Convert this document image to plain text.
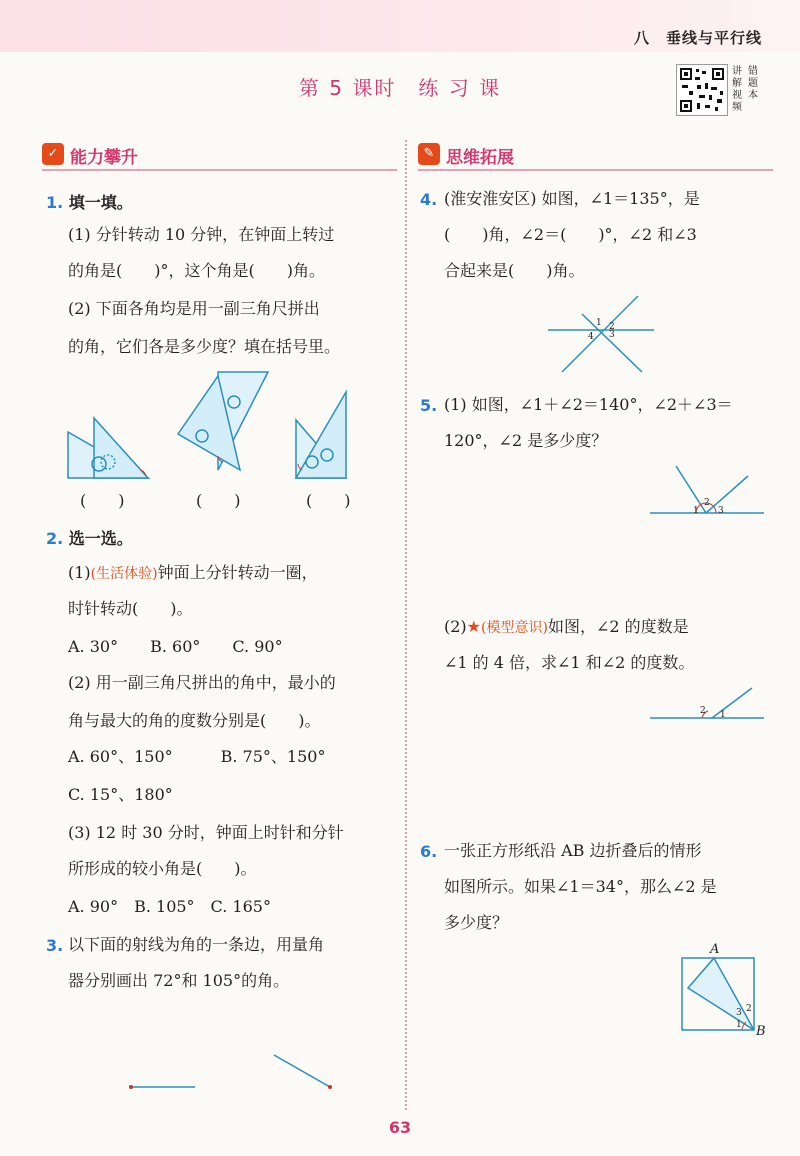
八　垂线与平行线
第 5 课时　练 习 课
讲
解
视
频
错
题
本
✓ 能力攀升
1. 填一填。
(1) 分针转动 10 分钟，在钟面上转过
的角是(　　)°，这个角是(　　)角。
(2) 下面各角均是用一副三角尺拼出
的角，它们各是多少度？填在括号里。
(　　)	(　　)	(　　)
2. 选一选。
(1)(生活体验)钟面上分针转动一圈，
时针转动(　　)。
A. 30°　　B. 60°　　C. 90°
(2) 用一副三角尺拼出的角中，最小的
角与最大的角的度数分别是(　　)。
A. 60°、150°　　　B. 75°、150°
C. 15°、180°
(3) 12 时 30 分时，钟面上时针和分针
所形成的较小角是(　　)。
A. 90°　B. 105°　C. 165°
3. 以下面的射线为角的一条边，用量角
器分别画出 72°和 105°的角。
✎ 思维拓展
4. (淮安淮安区) 如图，∠1＝135°，是
(　　)角，∠2＝(　　)°，∠2 和∠3
合起来是(　　)角。
1 2
3
4
5. (1) 如图，∠1＋∠2＝140°，∠2＋∠3＝
120°，∠2 是多少度？
1
2
3
(2)★(模型意识)如图，∠2 的度数是
∠1 的 4 倍，求∠1 和∠2 的度数。
2 1
6. 一张正方形纸沿 AB 边折叠后的情形
如图所示。如果∠1＝34°，那么∠2 是
多少度？
A
B
1
2
3
63
